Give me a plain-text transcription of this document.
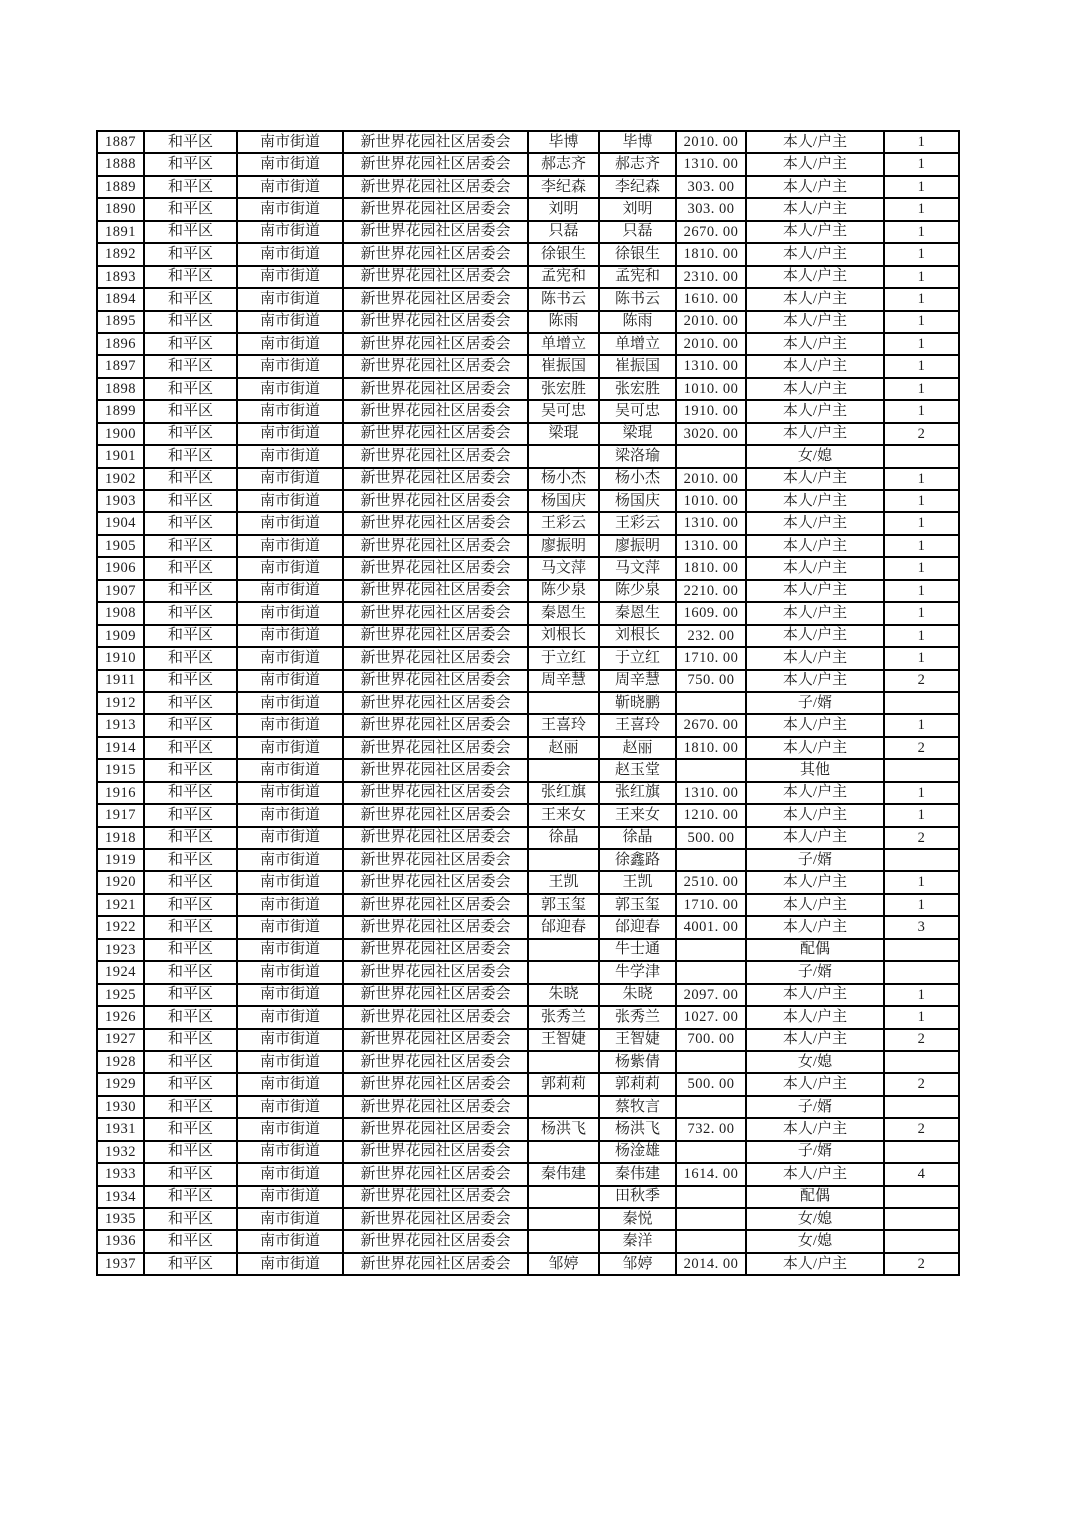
1887	和平区	南市街道	新世界花园社区居委会	毕博	毕博	2010. 00	本人/户主	1
1888	和平区	南市街道	新世界花园社区居委会	郝志齐	郝志齐	1310. 00	本人/户主	1
1889	和平区	南市街道	新世界花园社区居委会	李纪森	李纪森	303. 00	本人/户主	1
1890	和平区	南市街道	新世界花园社区居委会	刘明	刘明	303. 00	本人/户主	1
1891	和平区	南市街道	新世界花园社区居委会	只磊	只磊	2670. 00	本人/户主	1
1892	和平区	南市街道	新世界花园社区居委会	徐银生	徐银生	1810. 00	本人/户主	1
1893	和平区	南市街道	新世界花园社区居委会	孟宪和	孟宪和	2310. 00	本人/户主	1
1894	和平区	南市街道	新世界花园社区居委会	陈书云	陈书云	1610. 00	本人/户主	1
1895	和平区	南市街道	新世界花园社区居委会	陈雨	陈雨	2010. 00	本人/户主	1
1896	和平区	南市街道	新世界花园社区居委会	单增立	单增立	2010. 00	本人/户主	1
1897	和平区	南市街道	新世界花园社区居委会	崔振国	崔振国	1310. 00	本人/户主	1
1898	和平区	南市街道	新世界花园社区居委会	张宏胜	张宏胜	1010. 00	本人/户主	1
1899	和平区	南市街道	新世界花园社区居委会	吴可忠	吴可忠	1910. 00	本人/户主	1
1900	和平区	南市街道	新世界花园社区居委会	梁琨	梁琨	3020. 00	本人/户主	2
1901	和平区	南市街道	新世界花园社区居委会		梁洛瑜		女/媳	
1902	和平区	南市街道	新世界花园社区居委会	杨小杰	杨小杰	2010. 00	本人/户主	1
1903	和平区	南市街道	新世界花园社区居委会	杨国庆	杨国庆	1010. 00	本人/户主	1
1904	和平区	南市街道	新世界花园社区居委会	王彩云	王彩云	1310. 00	本人/户主	1
1905	和平区	南市街道	新世界花园社区居委会	廖振明	廖振明	1310. 00	本人/户主	1
1906	和平区	南市街道	新世界花园社区居委会	马文萍	马文萍	1810. 00	本人/户主	1
1907	和平区	南市街道	新世界花园社区居委会	陈少泉	陈少泉	2210. 00	本人/户主	1
1908	和平区	南市街道	新世界花园社区居委会	秦恩生	秦恩生	1609. 00	本人/户主	1
1909	和平区	南市街道	新世界花园社区居委会	刘根长	刘根长	232. 00	本人/户主	1
1910	和平区	南市街道	新世界花园社区居委会	于立红	于立红	1710. 00	本人/户主	1
1911	和平区	南市街道	新世界花园社区居委会	周辛慧	周辛慧	750. 00	本人/户主	2
1912	和平区	南市街道	新世界花园社区居委会		靳晓鹏		子/婿	
1913	和平区	南市街道	新世界花园社区居委会	王喜玲	王喜玲	2670. 00	本人/户主	1
1914	和平区	南市街道	新世界花园社区居委会	赵丽	赵丽	1810. 00	本人/户主	2
1915	和平区	南市街道	新世界花园社区居委会		赵玉堂		其他	
1916	和平区	南市街道	新世界花园社区居委会	张红旗	张红旗	1310. 00	本人/户主	1
1917	和平区	南市街道	新世界花园社区居委会	王来女	王来女	1210. 00	本人/户主	1
1918	和平区	南市街道	新世界花园社区居委会	徐晶	徐晶	500. 00	本人/户主	2
1919	和平区	南市街道	新世界花园社区居委会		徐鑫路		子/婿	
1920	和平区	南市街道	新世界花园社区居委会	王凯	王凯	2510. 00	本人/户主	1
1921	和平区	南市街道	新世界花园社区居委会	郭玉玺	郭玉玺	1710. 00	本人/户主	1
1922	和平区	南市街道	新世界花园社区居委会	邰迎春	邰迎春	4001. 00	本人/户主	3
1923	和平区	南市街道	新世界花园社区居委会		牛士通		配偶	
1924	和平区	南市街道	新世界花园社区居委会		牛学津		子/婿	
1925	和平区	南市街道	新世界花园社区居委会	朱晓	朱晓	2097. 00	本人/户主	1
1926	和平区	南市街道	新世界花园社区居委会	张秀兰	张秀兰	1027. 00	本人/户主	1
1927	和平区	南市街道	新世界花园社区居委会	王智婕	王智婕	700. 00	本人/户主	2
1928	和平区	南市街道	新世界花园社区居委会		杨紫倩		女/媳	
1929	和平区	南市街道	新世界花园社区居委会	郭莉莉	郭莉莉	500. 00	本人/户主	2
1930	和平区	南市街道	新世界花园社区居委会		蔡牧言		子/婿	
1931	和平区	南市街道	新世界花园社区居委会	杨洪飞	杨洪飞	732. 00	本人/户主	2
1932	和平区	南市街道	新世界花园社区居委会		杨淦雄		子/婿	
1933	和平区	南市街道	新世界花园社区居委会	秦伟建	秦伟建	1614. 00	本人/户主	4
1934	和平区	南市街道	新世界花园社区居委会		田秋季		配偶	
1935	和平区	南市街道	新世界花园社区居委会		秦悦		女/媳	
1936	和平区	南市街道	新世界花园社区居委会		秦洋		女/媳	
1937	和平区	南市街道	新世界花园社区居委会	邹婷	邹婷	2014. 00	本人/户主	2
